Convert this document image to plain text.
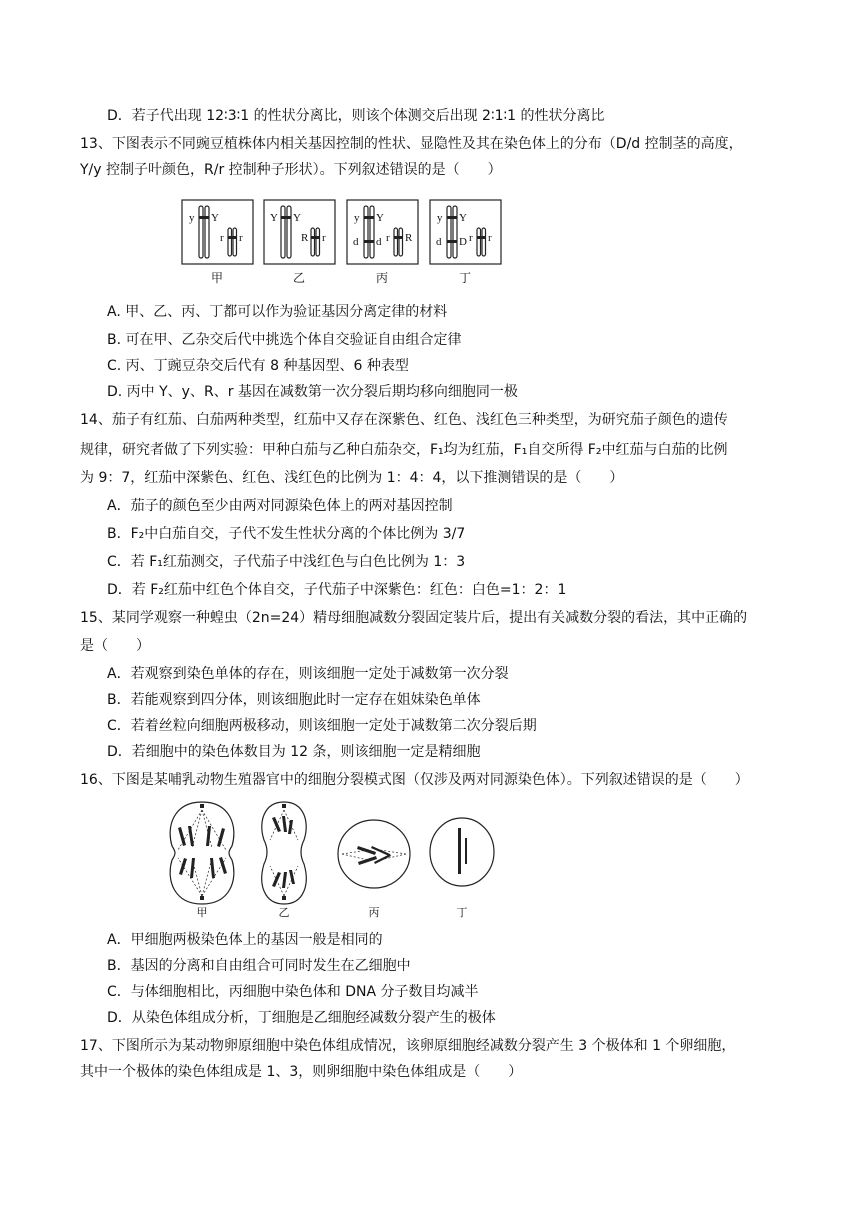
D．若子代出现 12∶3∶1 的性状分离比，则该个体测交后出现 2∶1∶1 的性状分离比
13、下图表示不同豌豆植株体内相关基因控制的性状、显隐性及其在染色体上的分布（D/d 控制茎的高度，
Y/y 控制子叶颜色，R/r 控制种子形状）。下列叙述错误的是（　　）
y Y
r r
Y Y
R r
y Y
d d r R
y Y
d D r r
甲	乙	丙	丁
A. 甲、乙、丙、丁都可以作为验证基因分离定律的材料
B. 可在甲、乙杂交后代中挑选个体自交验证自由组合定律
C. 丙、丁豌豆杂交后代有 8 种基因型、6 种表型
D. 丙中 Y、y、R、r 基因在减数第一次分裂后期均移向细胞同一极
14、茄子有红茄、白茄两种类型，红茄中又存在深紫色、红色、浅红色三种类型，为研究茄子颜色的遗传
规律，研究者做了下列实验：甲种白茄与乙种白茄杂交，F₁均为红茄，F₁自交所得 F₂中红茄与白茄的比例
为 9：7，红茄中深紫色、红色、浅红色的比例为 1：4：4，以下推测错误的是（　　）
A．茄子的颜色至少由两对同源染色体上的两对基因控制
B．F₂中白茄自交，子代不发生性状分离的个体比例为 3/7
C．若 F₁红茄测交，子代茄子中浅红色与白色比例为 1：3
D．若 F₂红茄中红色个体自交，子代茄子中深紫色：红色：白色=1：2：1
15、某同学观察一种蝗虫（2n=24）精母细胞减数分裂固定装片后，提出有关减数分裂的看法，其中正确的
是（　　）
A．若观察到染色单体的存在，则该细胞一定处于减数第一次分裂
B．若能观察到四分体，则该细胞此时一定存在姐妹染色单体
C．若着丝粒向细胞两极移动，则该细胞一定处于减数第二次分裂后期
D．若细胞中的染色体数目为 12 条，则该细胞一定是精细胞
16、下图是某哺乳动物生殖器官中的细胞分裂模式图（仅涉及两对同源染色体）。下列叙述错误的是（　　）
甲	乙	丙	丁
A．甲细胞两极染色体上的基因一般是相同的
B．基因的分离和自由组合可同时发生在乙细胞中
C．与体细胞相比，丙细胞中染色体和 DNA 分子数目均减半
D．从染色体组成分析，丁细胞是乙细胞经减数分裂产生的极体
17、下图所示为某动物卵原细胞中染色体组成情况，该卵原细胞经减数分裂产生 3 个极体和 1 个卵细胞，
其中一个极体的染色体组成是 1、3，则卵细胞中染色体组成是（　　）
